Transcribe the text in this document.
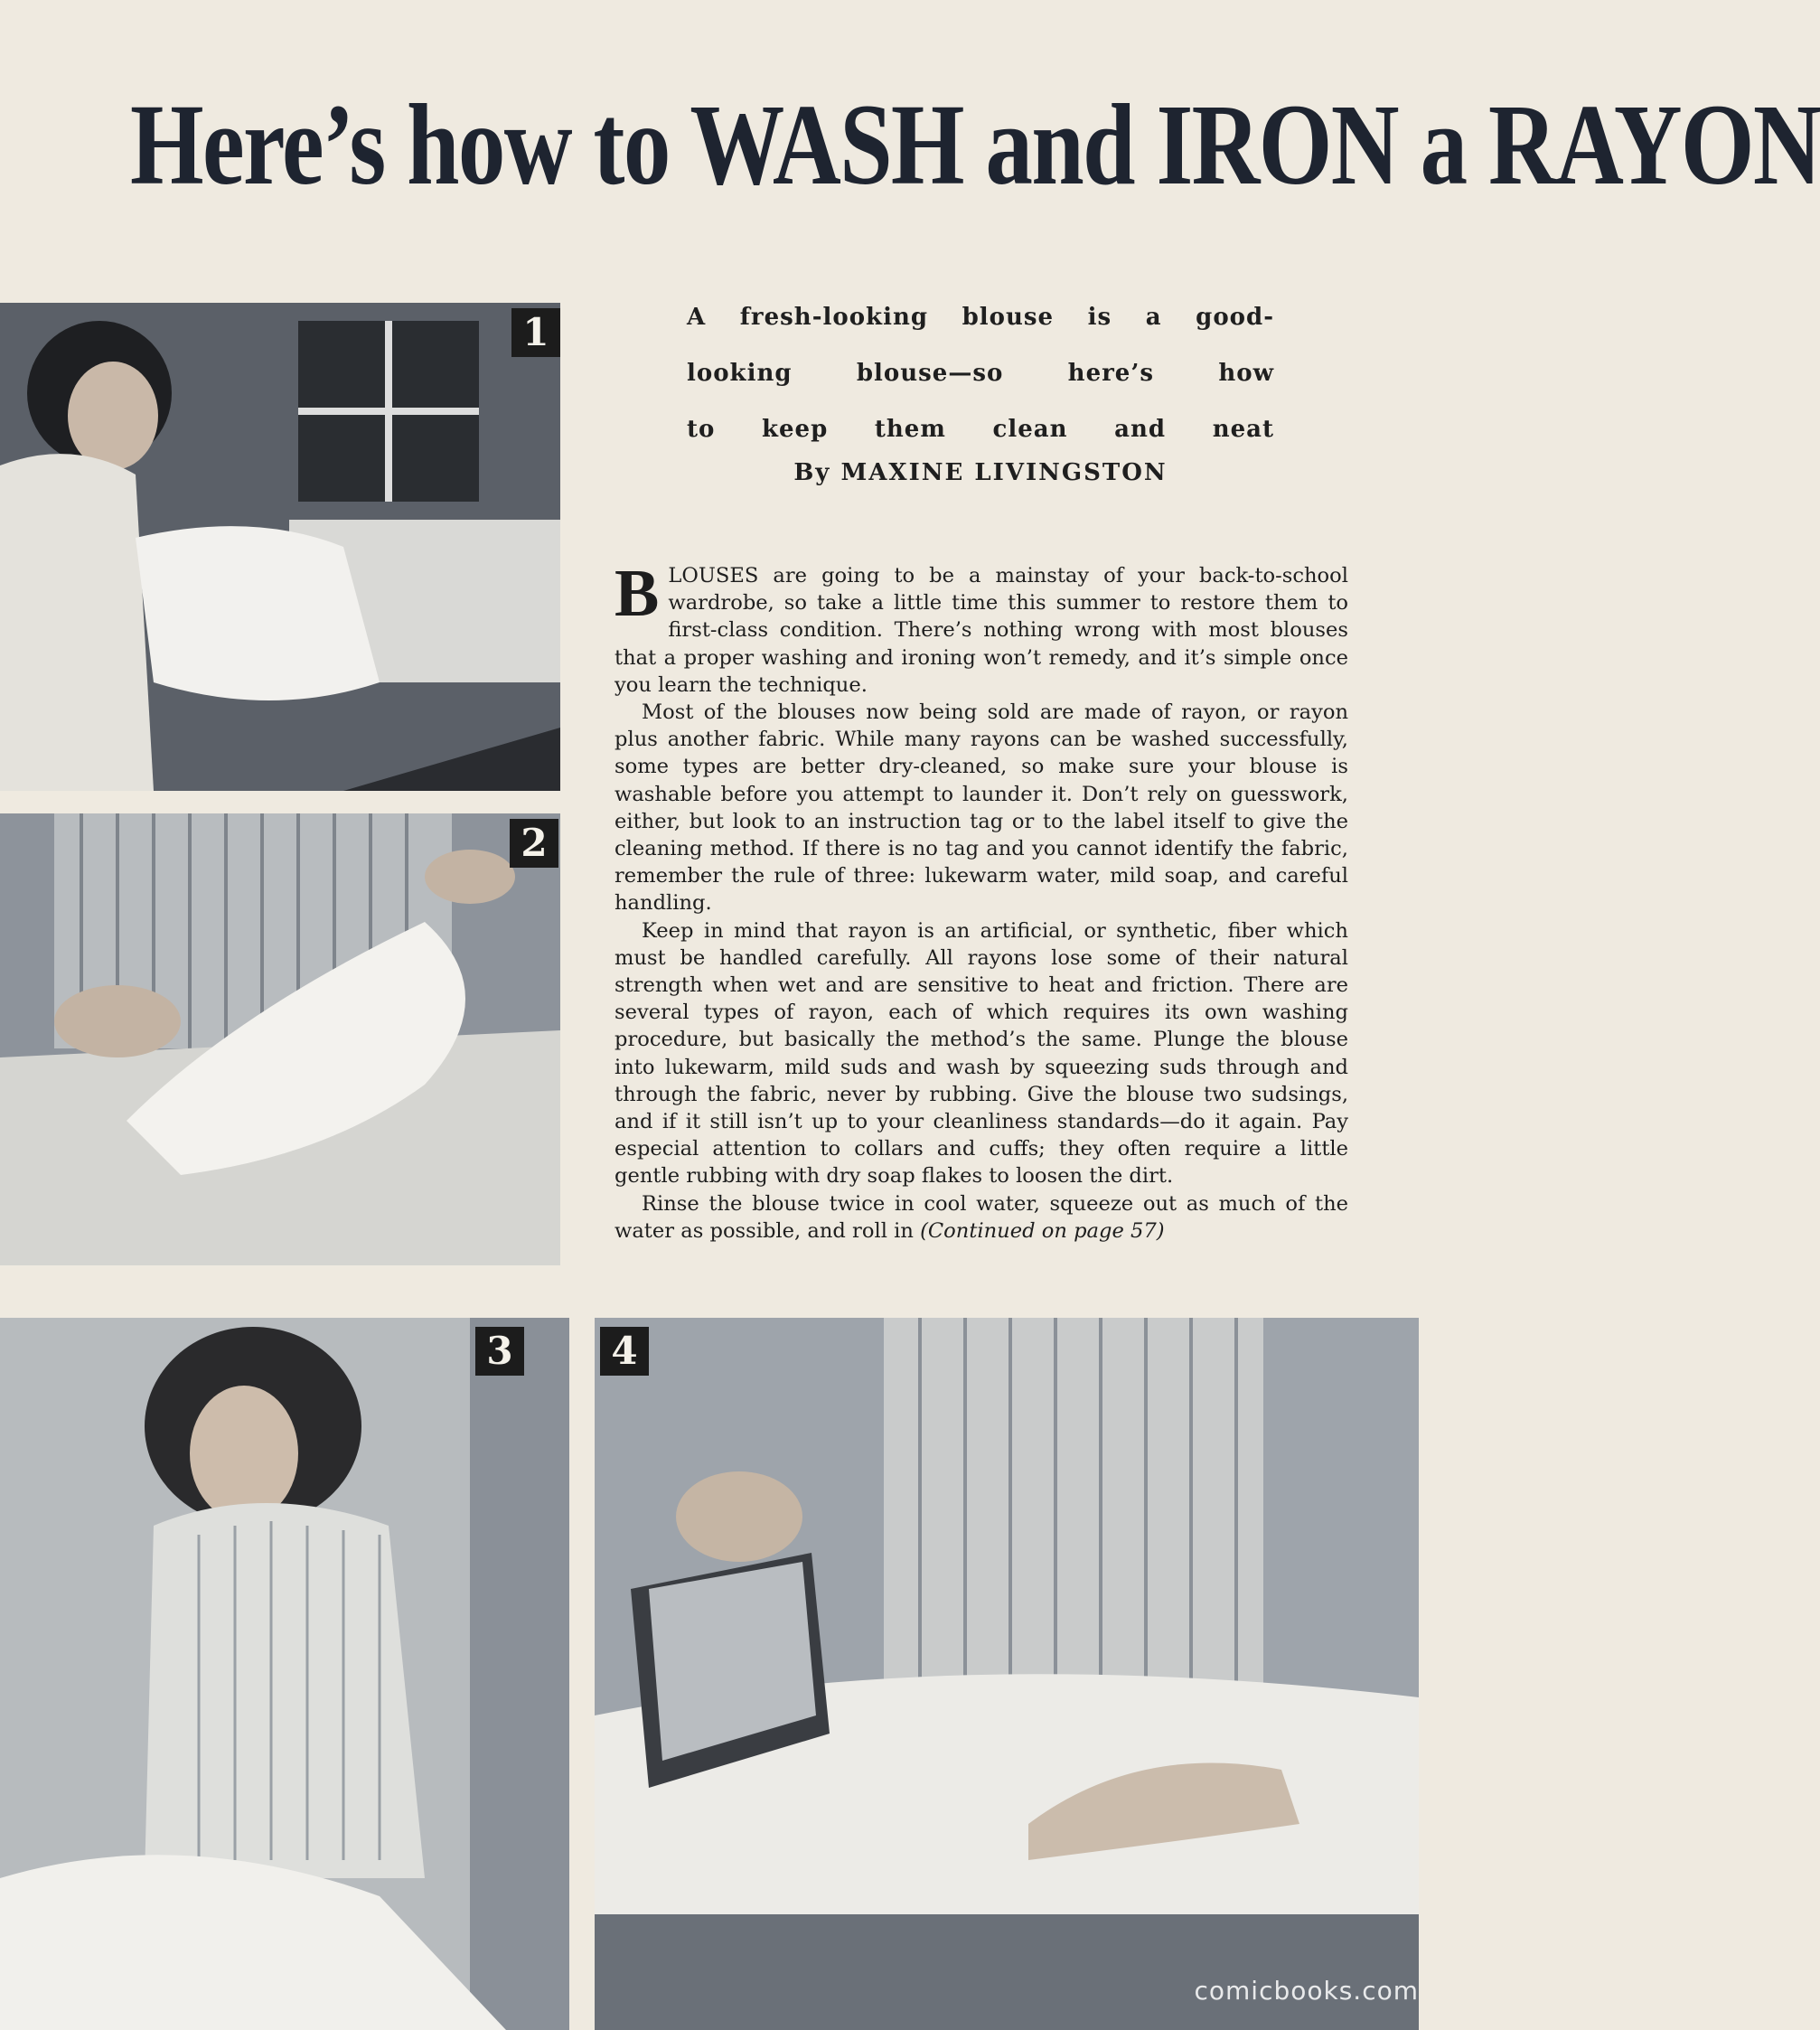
Here’s how to WASH and IRON a RAYON
1
2
3	4
A fresh-looking blouse is a good-
looking blouse—so here’s how
to keep them clean and neat
By MAXINE LIVINGSTON

BLOUSES are going to be a mainstay of your back-to-school wardrobe, so take a little time this summer to restore them to first-class condition. There’s nothing wrong with most blouses that a proper washing and ironing won’t remedy, and it’s simple once you learn the technique.

Most of the blouses now being sold are made of rayon, or rayon plus another fabric. While many rayons can be washed successfully, some types are better dry-cleaned, so make sure your blouse is washable before you attempt to launder it. Don’t rely on guesswork, either, but look to an instruction tag or to the label itself to give the cleaning method. If there is no tag and you cannot identify the fabric, remember the rule of three: lukewarm water, mild soap, and careful handling.

Keep in mind that rayon is an artificial, or synthetic, fiber which must be handled carefully. All rayons lose some of their natural strength when wet and are sensitive to heat and friction. There are several types of rayon, each of which requires its own washing procedure, but basically the method’s the same. Plunge the blouse into lukewarm, mild suds and wash by squeezing suds through and through the fabric, never by rubbing. Give the blouse two sudsings, and if it still isn’t up to your cleanliness standards—do it again. Pay especial attention to collars and cuffs; they often require a little gentle rubbing with dry soap flakes to loosen the dirt.

Rinse the blouse twice in cool water, squeeze out as much of the water as possible, and roll in (Continued on page 57)

comicbooks.com
